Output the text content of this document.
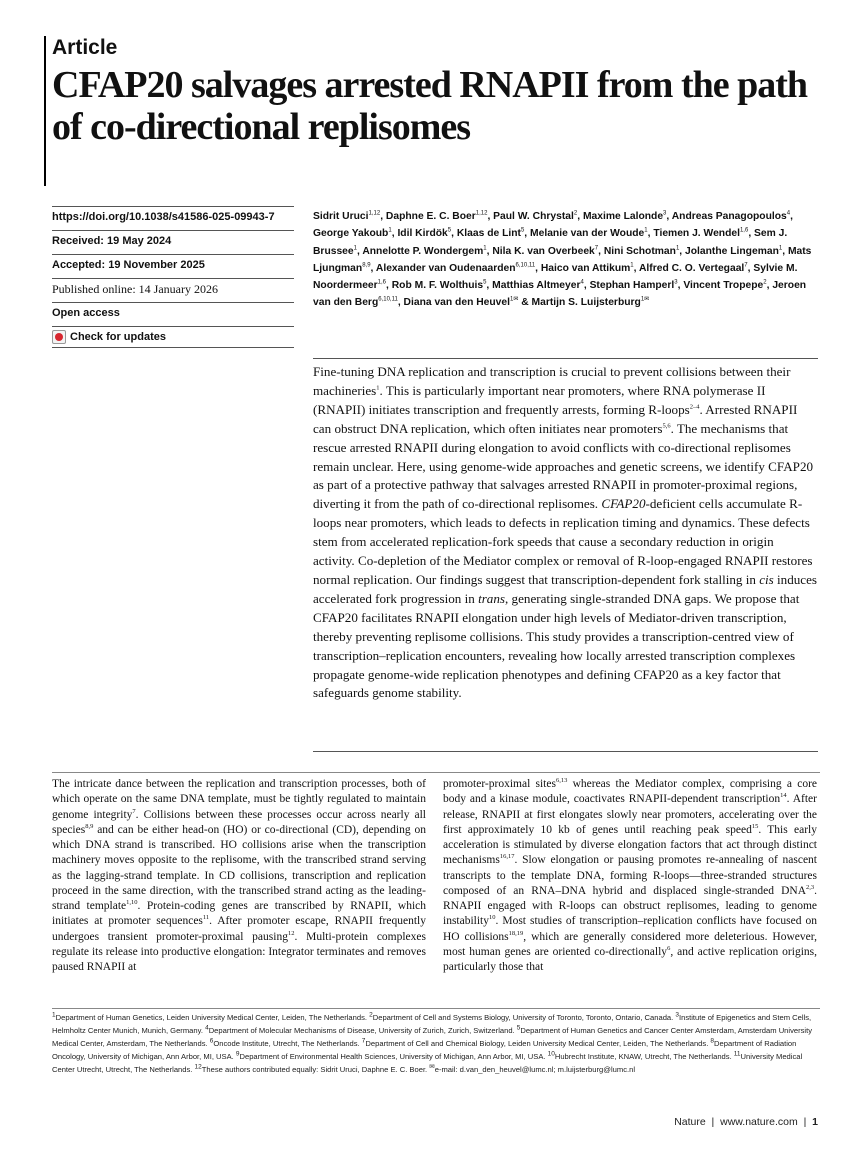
Article
CFAP20 salvages arrested RNAPII from the path of co-directional replisomes
https://doi.org/10.1038/s41586-025-09943-7
Received: 19 May 2024
Accepted: 19 November 2025
Published online: 14 January 2026
Open access
Check for updates
Sidrit Uruci$^{1,12}$, Daphne E. C. Boer$^{1,12}$, Paul W. Chrystal$^2$, Maxime Lalonde$^3$, Andreas Panagopoulos$^4$, George Yakoub$^1$, Idil Kirdök$^5$, Klaas de Lint$^5$, Melanie van der Woude$^1$, Tiemen J. Wendel$^{1,6}$, Sem J. Brussee$^1$, Annelotte P. Wondergem$^1$, Nila K. van Overbeek$^7$, Nini Schotman$^1$, Jolanthe Lingeman$^1$, Mats Ljungman$^{8,9}$, Alexander van Oudenaarden$^{6,10,11}$, Haico van Attikum$^1$, Alfred C. O. Vertegaal$^7$, Sylvie M. Noordermeer$^{1,6}$, Rob M. F. Wolthuis$^5$, Matthias Altmeyer$^4$, Stephan Hamperl$^3$, Vincent Tropepe$^2$, Jeroen van den Berg$^{6,10,11}$, Diana van den Heuvel$^{1✉}$ & Martijn S. Luijsterburg$^{1✉}$

Fine-tuning DNA replication and transcription is crucial to prevent collisions between their machineries$^1$. This is particularly important near promoters, where RNA polymerase II (RNAPII) initiates transcription and frequently arrests, forming R-loops$^{2-4}$. Arrested RNAPII can obstruct DNA replication, which often initiates near promoters$^{5,6}$. The mechanisms that rescue arrested RNAPII during elongation to avoid conflicts with co-directional replisomes remain unclear. Here, using genome-wide approaches and genetic screens, we identify CFAP20 as part of a protective pathway that salvages arrested RNAPII in promoter-proximal regions, diverting it from the path of co-directional replisomes. CFAP20-deficient cells accumulate R-loops near promoters, which leads to defects in replication timing and dynamics. These defects stem from accelerated replication-fork speeds that cause a secondary reduction in origin activity. Co-depletion of the Mediator complex or removal of R-loop-engaged RNAPII restores normal replication. Our findings suggest that transcription-dependent fork stalling in cis induces accelerated fork progression in trans, generating single-stranded DNA gaps. We propose that CFAP20 facilitates RNAPII elongation under high levels of Mediator-driven transcription, thereby preventing replisome collisions. This study provides a transcription-centred view of transcription–replication encounters, revealing how locally arrested transcription complexes propagate genome-wide replication phenotypes and defining CFAP20 as a key factor that safeguards genome stability.

The intricate dance between the replication and transcription processes, both of which operate on the same DNA template, must be tightly regulated to maintain genome integrity$^7$. Collisions between these processes occur across nearly all species$^{8,9}$ and can be either head-on (HO) or co-directional (CD), depending on which DNA strand is transcribed. HO collisions arise when the transcription machinery moves opposite to the replisome, with the transcribed strand serving as the lagging-strand template. In CD collisions, transcription and replication proceed in the same direction, with the transcribed strand acting as the leading-strand template$^{1,10}$. Protein-coding genes are transcribed by RNAPII, which initiates at promoter sequences$^{11}$. After promoter escape, RNAPII frequently undergoes transient promoter-proximal pausing$^{12}$. Multi-protein complexes regulate its release into productive elongation: Integrator terminates and removes paused RNAPII at

promoter-proximal sites$^{6,13}$ whereas the Mediator complex, comprising a core body and a kinase module, coactivates RNAPII-dependent transcription$^{14}$. After release, RNAPII at first elongates slowly near promoters, accelerating over the first approximately 10 kb of genes until reaching peak speed$^{15}$. This early acceleration is stimulated by diverse elongation factors that act through distinct mechanisms$^{16,17}$. Slow elongation or pausing promotes re-annealing of nascent transcripts to the template DNA, forming R-loops—three-stranded structures composed of an RNA–DNA hybrid and displaced single-stranded DNA$^{2,3}$. RNAPII engaged with R-loops can obstruct replisomes, leading to genome instability$^{10}$. Most studies of transcription–replication conflicts have focused on HO collisions$^{18,19}$, which are generally considered more deleterious. However, most human genes are oriented co-directionally$^6$, and active replication origins, particularly those that

$^1$Department of Human Genetics, Leiden University Medical Center, Leiden, The Netherlands. $^2$Department of Cell and Systems Biology, University of Toronto, Toronto, Ontario, Canada. $^3$Institute of Epigenetics and Stem Cells, Helmholtz Center Munich, Munich, Germany. $^4$Department of Molecular Mechanisms of Disease, University of Zurich, Zurich, Switzerland. $^5$Department of Human Genetics and Cancer Center Amsterdam, Amsterdam University Medical Center, Amsterdam, The Netherlands. $^6$Oncode Institute, Utrecht, The Netherlands. $^7$Department of Cell and Chemical Biology, Leiden University Medical Center, Leiden, The Netherlands. $^8$Department of Radiation Oncology, University of Michigan, Ann Arbor, MI, USA. $^9$Department of Environmental Health Sciences, University of Michigan, Ann Arbor, MI, USA. $^{10}$Hubrecht Institute, KNAW, Utrecht, The Netherlands. $^{11}$University Medical Center Utrecht, Utrecht, The Netherlands. $^{12}$These authors contributed equally: Sidrit Uruci, Daphne E. C. Boer. ✉e-mail: d.van_den_heuvel@lumc.nl; m.luijsterburg@lumc.nl

Nature  |  www.nature.com  |  1
